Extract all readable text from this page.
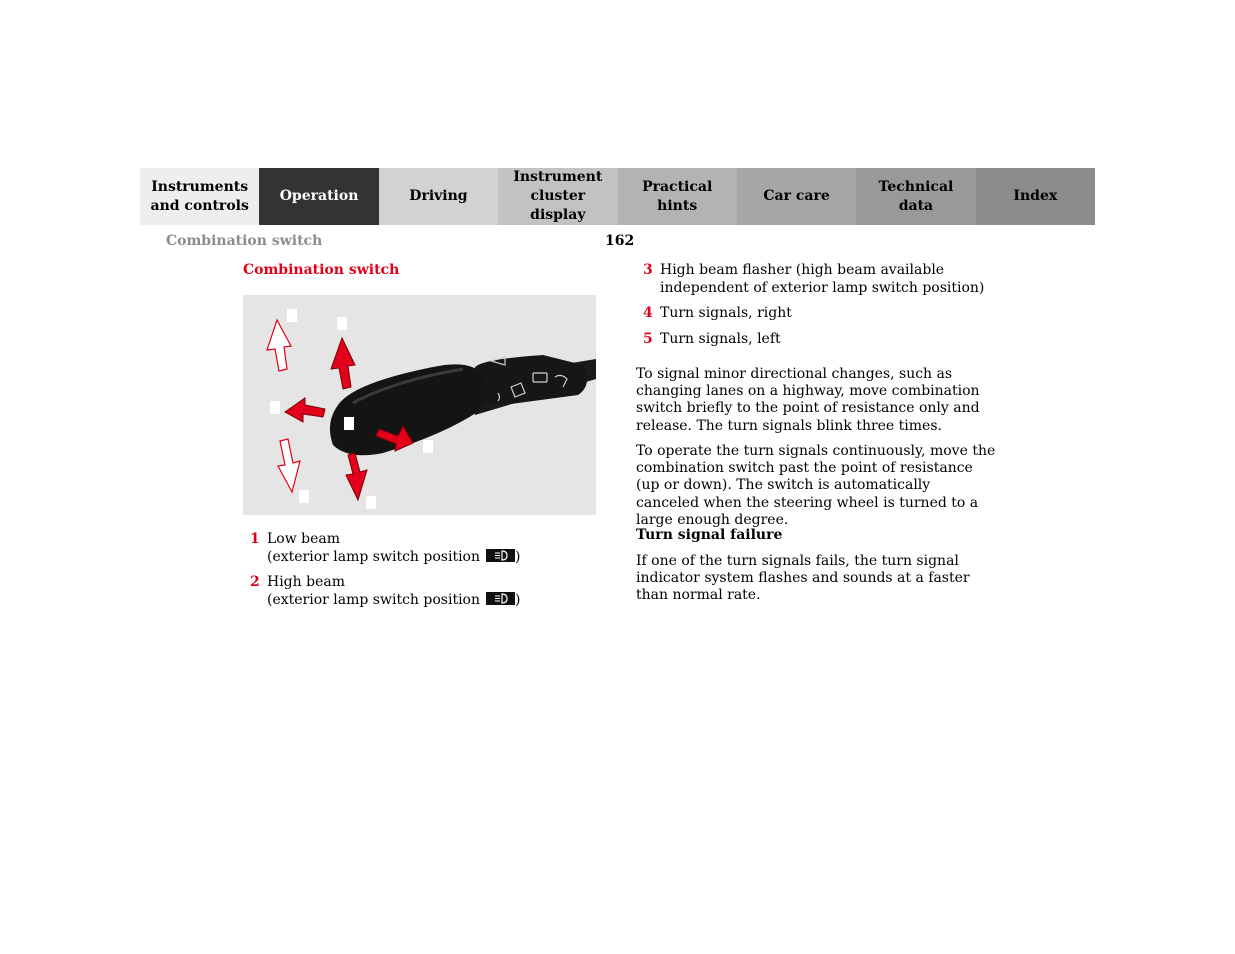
Instruments
and controls
Operation	Driving
Instrument
cluster display
Practical hints
Car care
Technical
data
Index
Combination switch	162
Combination switch
1 Low beam
(exterior lamp switch position	)
2 High beam
(exterior lamp switch position	)
3 High beam flasher (high beam available
independent of exterior lamp switch position)
4 Turn signals, right
5 Turn signals, left
To signal minor directional changes, such as changing lanes on a highway, move combination switch briefly to the point of resistance only and release. The turn signals blink three times.
To operate the turn signals continuously, move the combination switch past the point of resistance (up or down). The switch is automatically canceled when the steering wheel is turned to a large enough degree.
Turn signal failure
If one of the turn signals fails, the turn signal indicator system flashes and sounds at a faster than normal rate.
